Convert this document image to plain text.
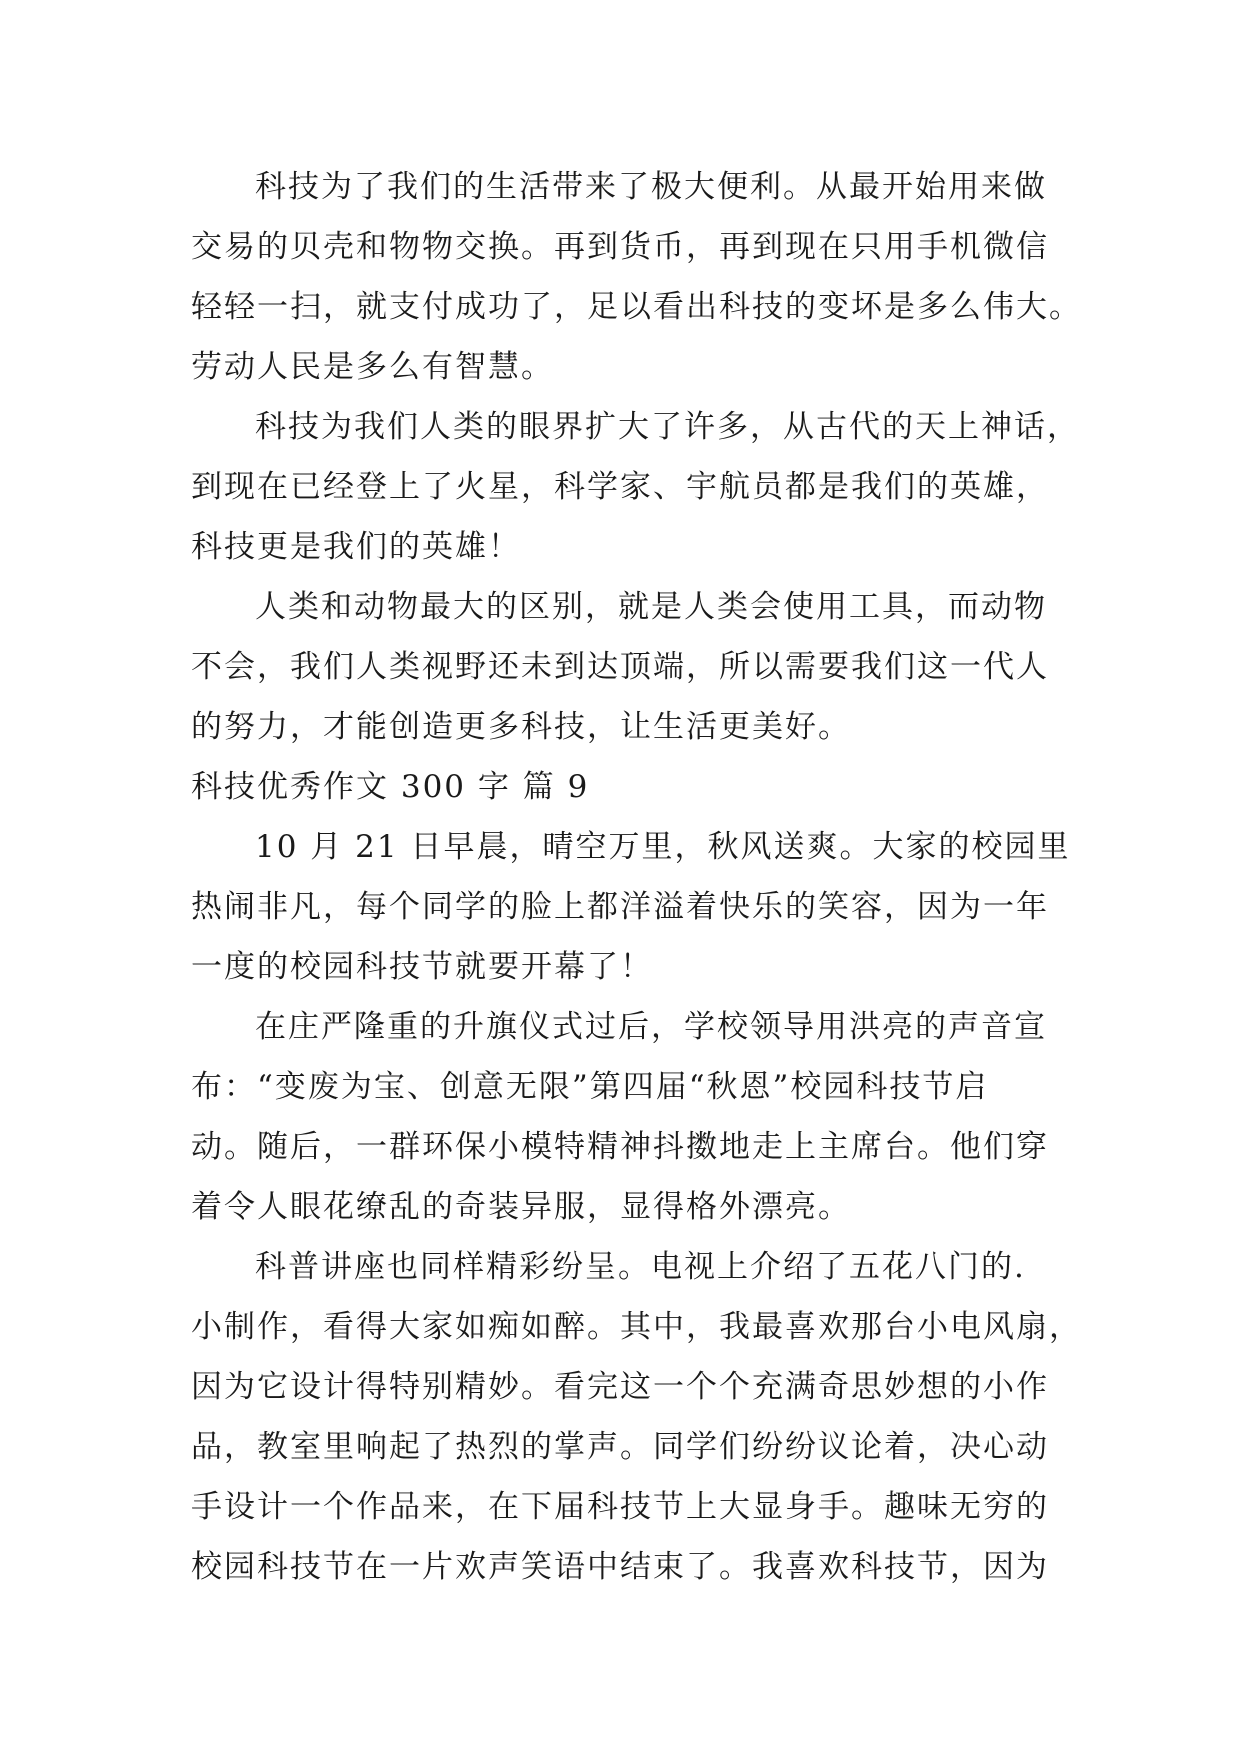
科技为了我们的生活带来了极大便利。从最开始用来做
交易的贝壳和物物交换。再到货币，再到现在只用手机微信
轻轻一扫，就支付成功了，足以看出科技的变坏是多么伟大。
劳动人民是多么有智慧。
科技为我们人类的眼界扩大了许多，从古代的天上神话，
到现在已经登上了火星，科学家、宇航员都是我们的英雄，
科技更是我们的英雄！
人类和动物最大的区别，就是人类会使用工具，而动物
不会，我们人类视野还未到达顶端，所以需要我们这一代人
的努力，才能创造更多科技，让生活更美好。
科技优秀作文 300 字 篇 9
10 月 21 日早晨，晴空万里，秋风送爽。大家的校园里
热闹非凡，每个同学的脸上都洋溢着快乐的笑容，因为一年
一度的校园科技节就要开幕了！
在庄严隆重的升旗仪式过后，学校领导用洪亮的声音宣
布：“变废为宝、创意无限”第四届“秋恩”校园科技节启
动。随后，一群环保小模特精神抖擞地走上主席台。他们穿
着令人眼花缭乱的奇装异服，显得格外漂亮。
科普讲座也同样精彩纷呈。电视上介绍了五花八门的.
小制作，看得大家如痴如醉。其中，我最喜欢那台小电风扇，
因为它设计得特别精妙。看完这一个个充满奇思妙想的小作
品，教室里响起了热烈的掌声。同学们纷纷议论着，决心动
手设计一个作品来，在下届科技节上大显身手。趣味无穷的
校园科技节在一片欢声笑语中结束了。我喜欢科技节，因为
